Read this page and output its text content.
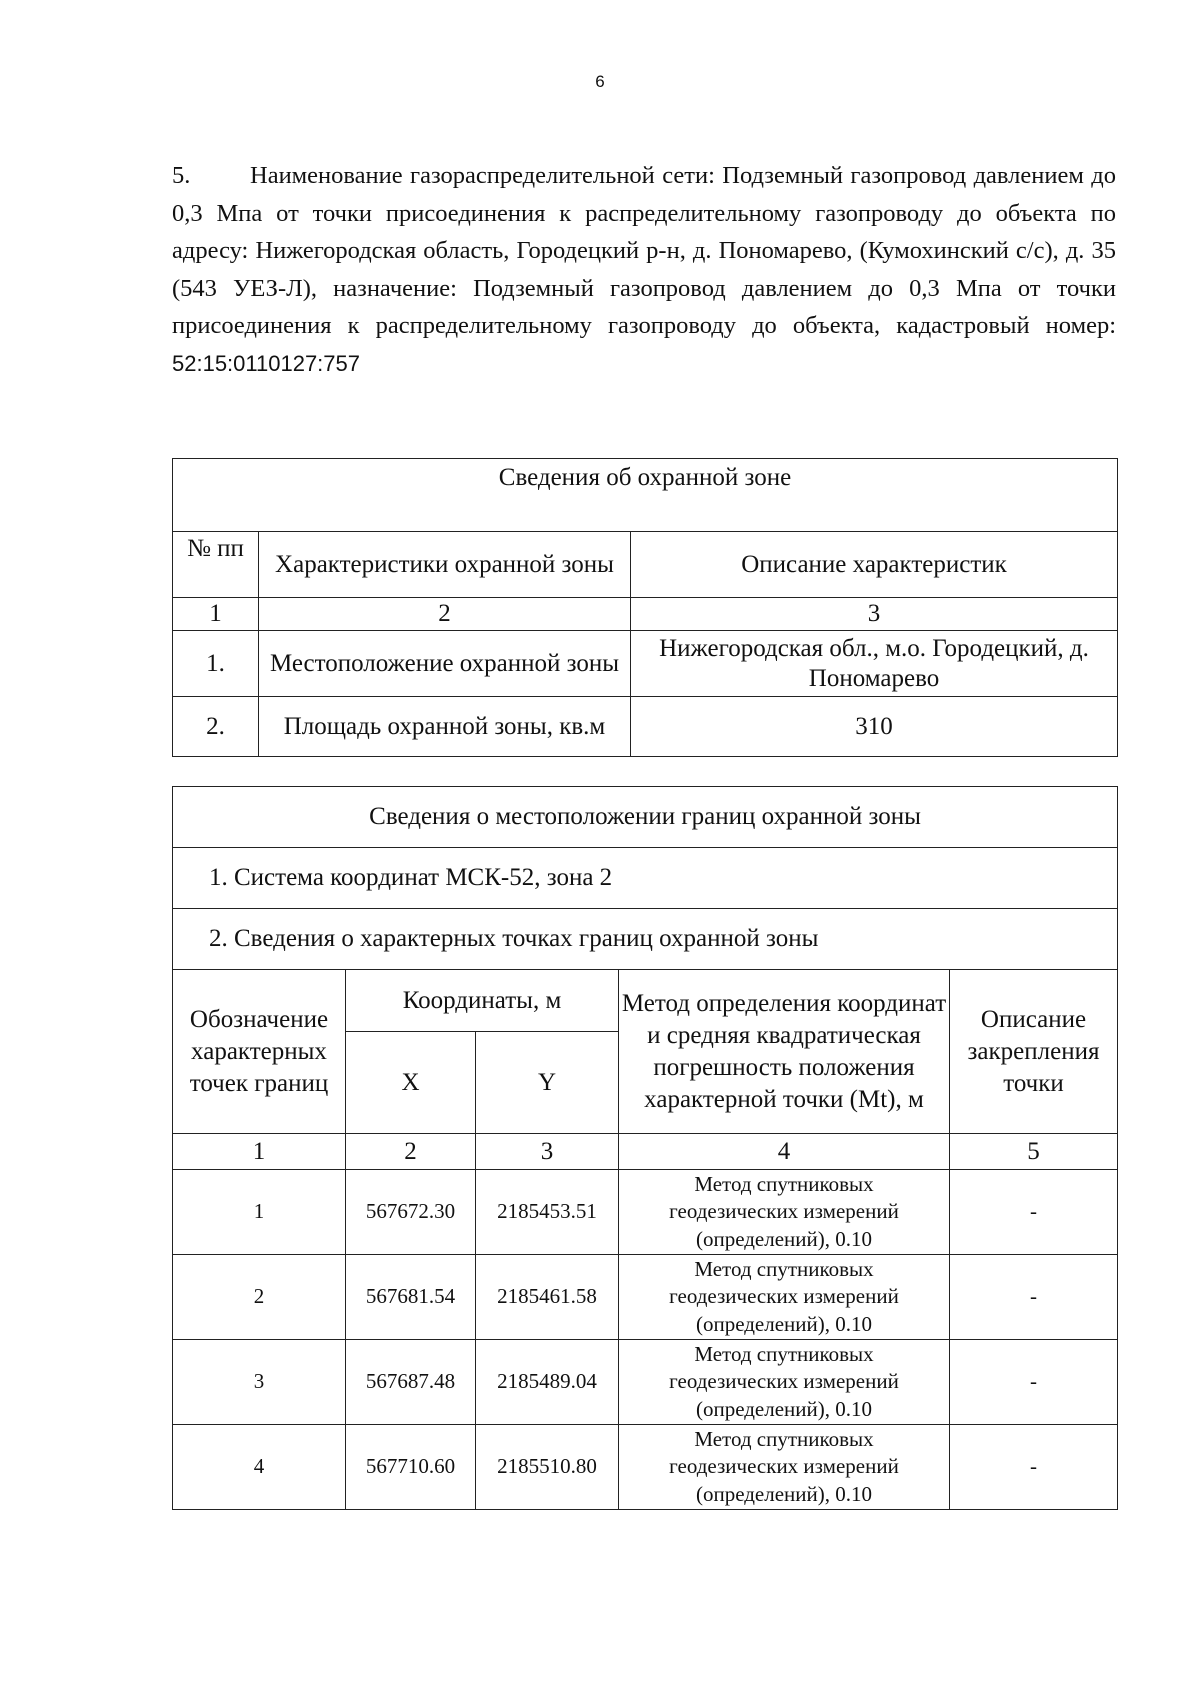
6

5. Наименование газораспределительной сети: Подземный газопровод давлением до 0,3 Мпа от точки присоединения к распределительному газопроводу до объекта по адресу: Нижегородская область, Городецкий р-н, д. Пономарево, (Кумохинский с/с), д. 35 (543 УЕЗ-Л), назначение: Подземный газопровод давлением до 0,3 Мпа от точки присоединения к распределительному газопроводу до объекта, кадастровый номер: 52:15:0110127:757

Сведения об охранной зоне		
№ пп	Характеристики охранной зоны	Описание характеристик
1	2	3
1.	Местоположение охранной зоны	Нижегородская обл., м.о. Городецкий, д. Пономарево
2.	Площадь охранной зоны, кв.м	310
Сведения о местоположении границ охранной зоны				
1. Система координат МСК-52, зона 2				
2. Сведения о характерных точках границ охранной зоны				
Обозначение характерных точек границ	Координаты, м		Метод определения координат и средняя квадратическая погрешность положения характерной точки (Mt), м	Описание закрепления точки
	X	Y		
1	2	3	4	5
1	567672.30	2185453.51	Метод спутниковых геодезических измерений (определений), 0.10	-
2	567681.54	2185461.58	Метод спутниковых геодезических измерений (определений), 0.10	-
3	567687.48	2185489.04	Метод спутниковых геодезических измерений (определений), 0.10	-
4	567710.60	2185510.80	Метод спутниковых геодезических измерений (определений), 0.10	-
